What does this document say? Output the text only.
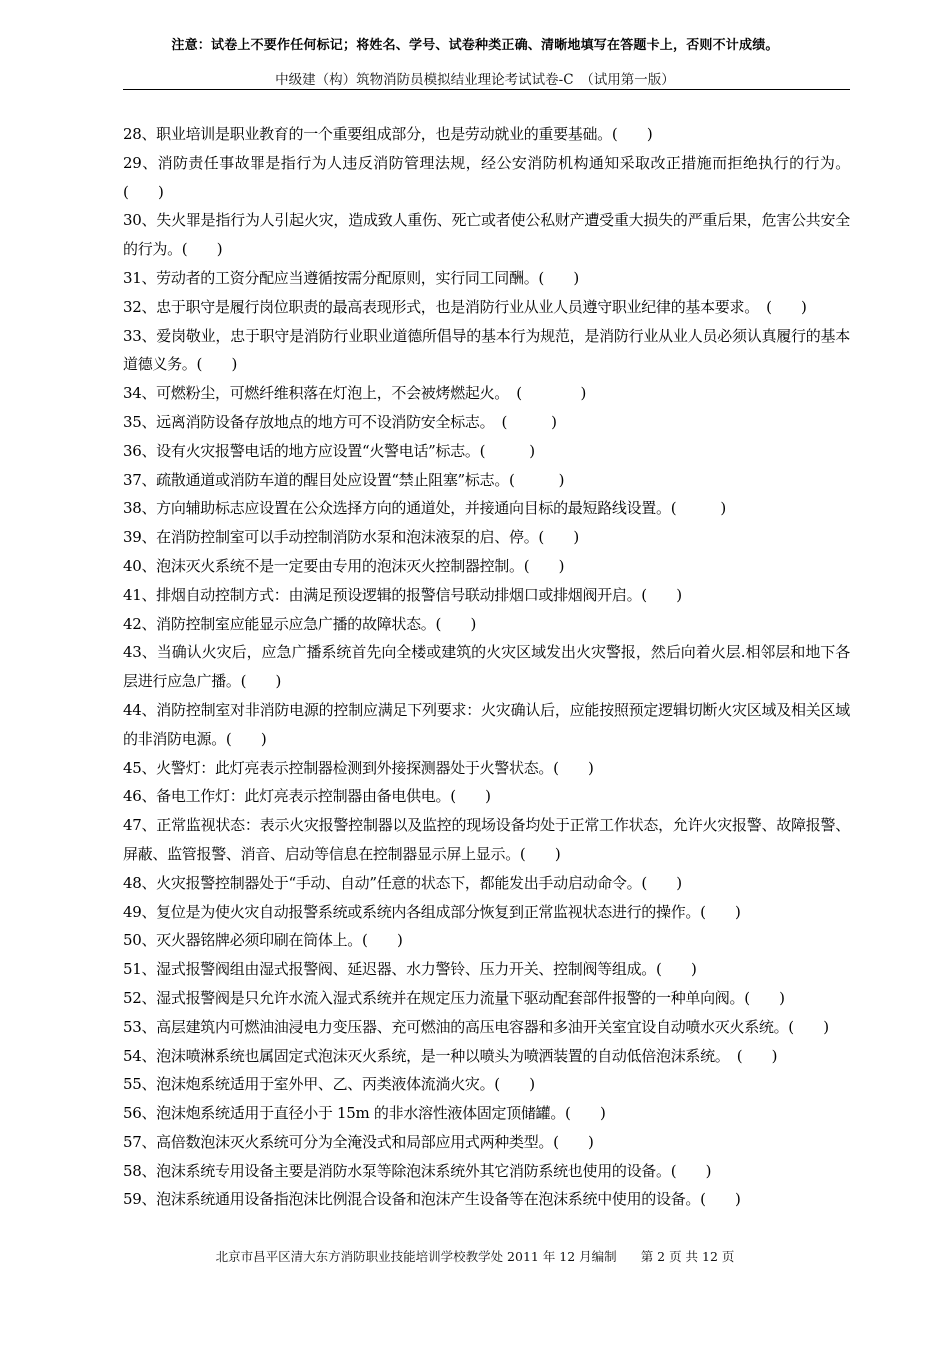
注意：试卷上不要作任何标记；将姓名、学号、试卷种类正确、清晰地填写在答题卡上，否则不计成绩。
中级建（构）筑物消防员模拟结业理论考试试卷-C　（试用第一版）

28、职业培训是职业教育的一个重要组成部分，也是劳动就业的重要基础。(　　)

29、消防责任事故罪是指行为人违反消防管理法规，经公安消防机构通知采取改正措施而拒绝执行的行为。(　　)

30、失火罪是指行为人引起火灾，造成致人重伤、死亡或者使公私财产遭受重大损失的严重后果，危害公共安全的行为。(　　)

31、劳动者的工资分配应当遵循按需分配原则，实行同工同酬。(　　)

32、忠于职守是履行岗位职责的最高表现形式，也是消防行业从业人员遵守职业纪律的基本要求。　(　　)

33、爱岗敬业，忠于职守是消防行业职业道德所倡导的基本行为规范，是消防行业从业人员必须认真履行的基本道德义务。(　　)

34、可燃粉尘，可燃纤维积落在灯泡上，不会被烤燃起火。　(　　　　)

35、远离消防设备存放地点的地方可不设消防安全标志。　(　　　)

36、设有火灾报警电话的地方应设置“火警电话”标志。(　　　)

37、疏散通道或消防车道的醒目处应设置“禁止阻塞”标志。(　　　)

38、方向辅助标志应设置在公众选择方向的通道处，并接通向目标的最短路线设置。(　　　)

39、在消防控制室可以手动控制消防水泵和泡沫液泵的启、停。(　　)

40、泡沫灭火系统不是一定要由专用的泡沫灭火控制器控制。(　　)

41、排烟自动控制方式：由满足预设逻辑的报警信号联动排烟口或排烟阀开启。(　　)

42、消防控制室应能显示应急广播的故障状态。(　　)

43、当确认火灾后，应急广播系统首先向全楼或建筑的火灾区域发出火灾警报，然后向着火层.相邻层和地下各层进行应急广播。(　　)

44、消防控制室对非消防电源的控制应满足下列要求：火灾确认后，应能按照预定逻辑切断火灾区域及相关区域的非消防电源。(　　)

45、火警灯：此灯亮表示控制器检测到外接探测器处于火警状态。(　　)

46、备电工作灯：此灯亮表示控制器由备电供电。(　　)

47、正常监视状态：表示火灾报警控制器以及监控的现场设备均处于正常工作状态，允许火灾报警、故障报警、屏蔽、监管报警、消音、启动等信息在控制器显示屏上显示。(　　)

48、火灾报警控制器处于“手动、自动”任意的状态下，都能发出手动启动命令。(　　)

49、复位是为使火灾自动报警系统或系统内各组成部分恢复到正常监视状态进行的操作。(　　)

50、灭火器铭牌必须印刷在筒体上。(　　)

51、湿式报警阀组由湿式报警阀、延迟器、水力警铃、压力开关、控制阀等组成。(　　)

52、湿式报警阀是只允许水流入湿式系统并在规定压力流量下驱动配套部件报警的一种单向阀。(　　)

53、高层建筑内可燃油油浸电力变压器、充可燃油的高压电容器和多油开关室宜设自动喷水灭火系统。(　　)

54、泡沫喷淋系统也属固定式泡沫灭火系统，是一种以喷头为喷洒装置的自动低倍泡沫系统。　(　　)

55、泡沫炮系统适用于室外甲、乙、丙类液体流淌火灾。(　　)

56、泡沫炮系统适用于直径小于 15m 的非水溶性液体固定顶储罐。(　　)

57、高倍数泡沫灭火系统可分为全淹没式和局部应用式两种类型。(　　)

58、泡沫系统专用设备主要是消防水泵等除泡沫系统外其它消防系统也使用的设备。(　　)

59、泡沫系统通用设备指泡沫比例混合设备和泡沫产生设备等在泡沫系统中使用的设备。(　　)

北京市昌平区清大东方消防职业技能培训学校教学处 2011 年 12 月编制 第 2 页 共 12 页
